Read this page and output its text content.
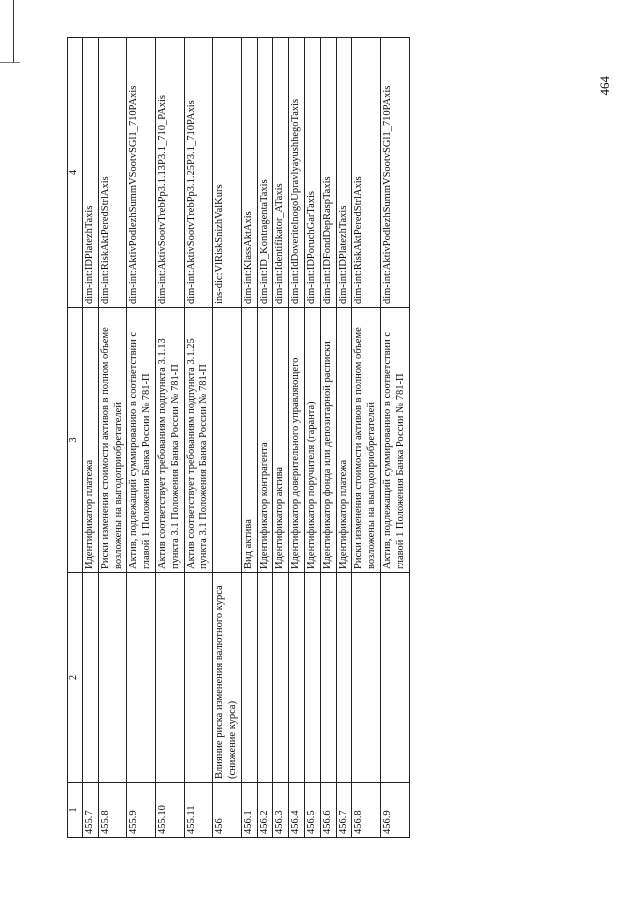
464
1	2	3	4
455.7		Идентификатор платежа	dim-int:IDPlatezhTaxis
455.8		Риски изменения стоимости активов в полном объеме возложены на выгодоприобретателей	dim-int:RiskAktPeredStrlAxis
455.9		Актив, подлежащий суммированию в соответствии с главой 1 Положения Банка России № 781-П	dim-int:AktivPodlezhSummVSootvSGl1_710PAxis
455.10		Актив соответствует требованиям подпункта 3.1.13 пункта 3.1 Положения Банка России № 781-П	dim-int:AktivSootvTrebPp3.1.13P3.1_710_PAxis
455.11		Актив соответствует требованиям подпункта 3.1.25 пункта 3.1 Положения Банка России № 781-П	dim-int:AktivSootvTrebPp3.1.25P3.1_710PAxis
456	Влияние риска изменения валютного курса (снижение курса)		ins-dic:VlRiskSnizhValKurs
456.1		Вид актива	dim-int:KlassAktAxis
456.2		Идентификатор контрагента	dim-int:ID_KontragentaTaxis
456.3		Идентификатор актива	dim-int:Identifikator_ATaxis
456.4		Идентификатор доверительного управляющего	dim-int:IdDoveritelnogoUpravlyayushhegoTaxis
456.5		Идентификатор поручителя (гаранта)	dim-int:IDPoruchGarTaxis
456.6		Идентификатор фонда или депозитарной расписки	dim-int:IDFondDepRaspTaxis
456.7		Идентификатор платежа	dim-int:IDPlatezhTaxis
456.8		Риски изменения стоимости активов в полном объеме возложены на выгодоприобретателей	dim-int:RiskAktPeredStrlAxis
456.9		Актив, подлежащий суммированию в соответствии с главой 1 Положения Банка России № 781-П	dim-int:AktivPodlezhSummVSootvSGl1_710PAxis
